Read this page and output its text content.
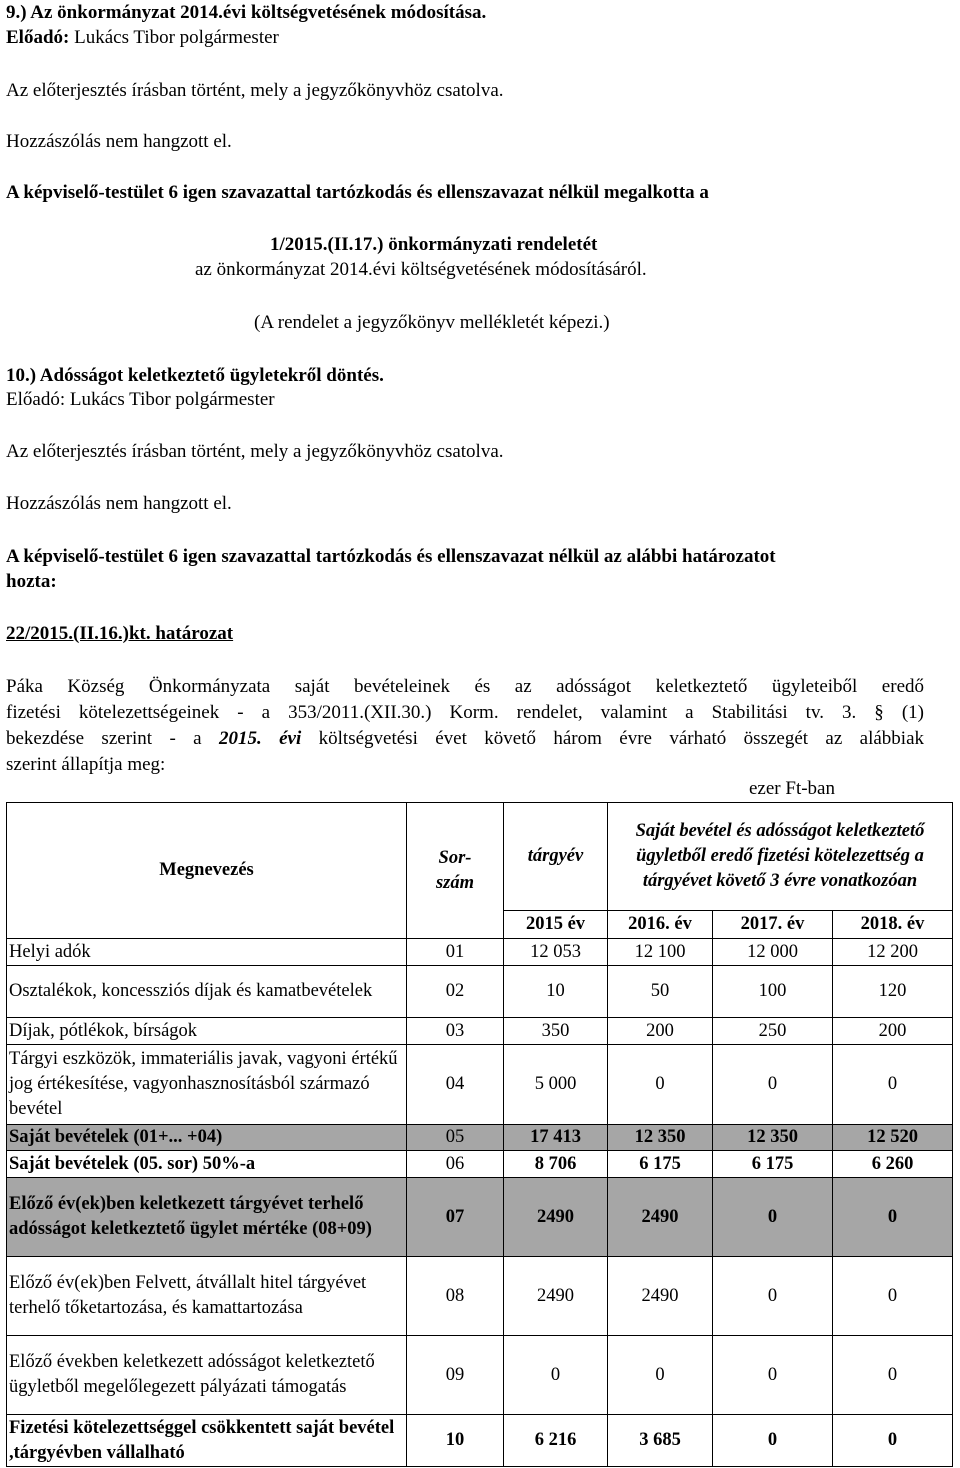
9.) Az önkormányzat 2014.évi költségvetésének módosítása.
Előadó: Lukács Tibor polgármester
Az előterjesztés írásban történt, mely a jegyzőkönyvhöz csatolva.
Hozzászólás nem hangzott el.
A képviselő-testület 6 igen szavazattal tartózkodás és ellenszavazat nélkül megalkotta a
1/2015.(II.17.) önkormányzati rendeletét
az önkormányzat 2014.évi költségvetésének módosításáról.
(A rendelet a jegyzőkönyv mellékletét képezi.)
10.) Adósságot keletkeztető ügyletekről döntés.
Előadó: Lukács Tibor polgármester
Az előterjesztés írásban történt, mely a jegyzőkönyvhöz csatolva.
Hozzászólás nem hangzott el.
A képviselő-testület 6 igen szavazattal tartózkodás és ellenszavazat nélkül az alábbi határozatot
hozta:
22/2015.(II.16.)kt. határozat
Páka Község Önkormányzata saját bevételeinek és az adósságot keletkeztető ügyleteiből eredő
fizetési kötelezettségeinek - a 353/2011.(XII.30.) Korm. rendelet, valamint a Stabilitási tv. 3. § (1)
bekezdése szerint - a 2015. évi költségvetési évet követő három évre várható összegét az alábbiak
szerint állapítja meg:
ezer Ft-ban
Megnevezés	Sor-szám	tárgyév	Saját bevétel és adósságot keletkeztető ügyletből eredő fizetési kötelezettség a tárgyévet követő 3 évre vonatkozóan		
		2015 év	2016. év	2017. év	2018. év
Helyi adók	01	12 053	12 100	12 000	12 200
Osztalékok, koncessziós díjak és kamatbevételek	02	10	50	100	120
Díjak, pótlékok, bírságok	03	350	200	250	200
Tárgyi eszközök, immateriális javak, vagyoni értékű jog értékesítése, vagyonhasznosításból származó bevétel	04	5 000	0	0	0
Saját bevételek (01+... +04)	05	17 413	12 350	12 350	12 520
Saját bevételek (05. sor) 50%-a	06	8 706	6 175	6 175	6 260
Előző év(ek)ben keletkezett tárgyévet terhelő adósságot keletkeztető ügylet mértéke (08+09)	07	2490	2490	0	0
Előző év(ek)ben Felvett, átvállalt hitel tárgyévet terhelő tőketartozása, és kamattartozása	08	2490	2490	0	0
Előző években keletkezett adósságot keletkeztető ügyletből megelőlegezett pályázati támogatás	09	0	0	0	0
Fizetési kötelezettséggel csökkentett saját bevétel ,tárgyévben vállalható	10	6 216	3 685	0	0
